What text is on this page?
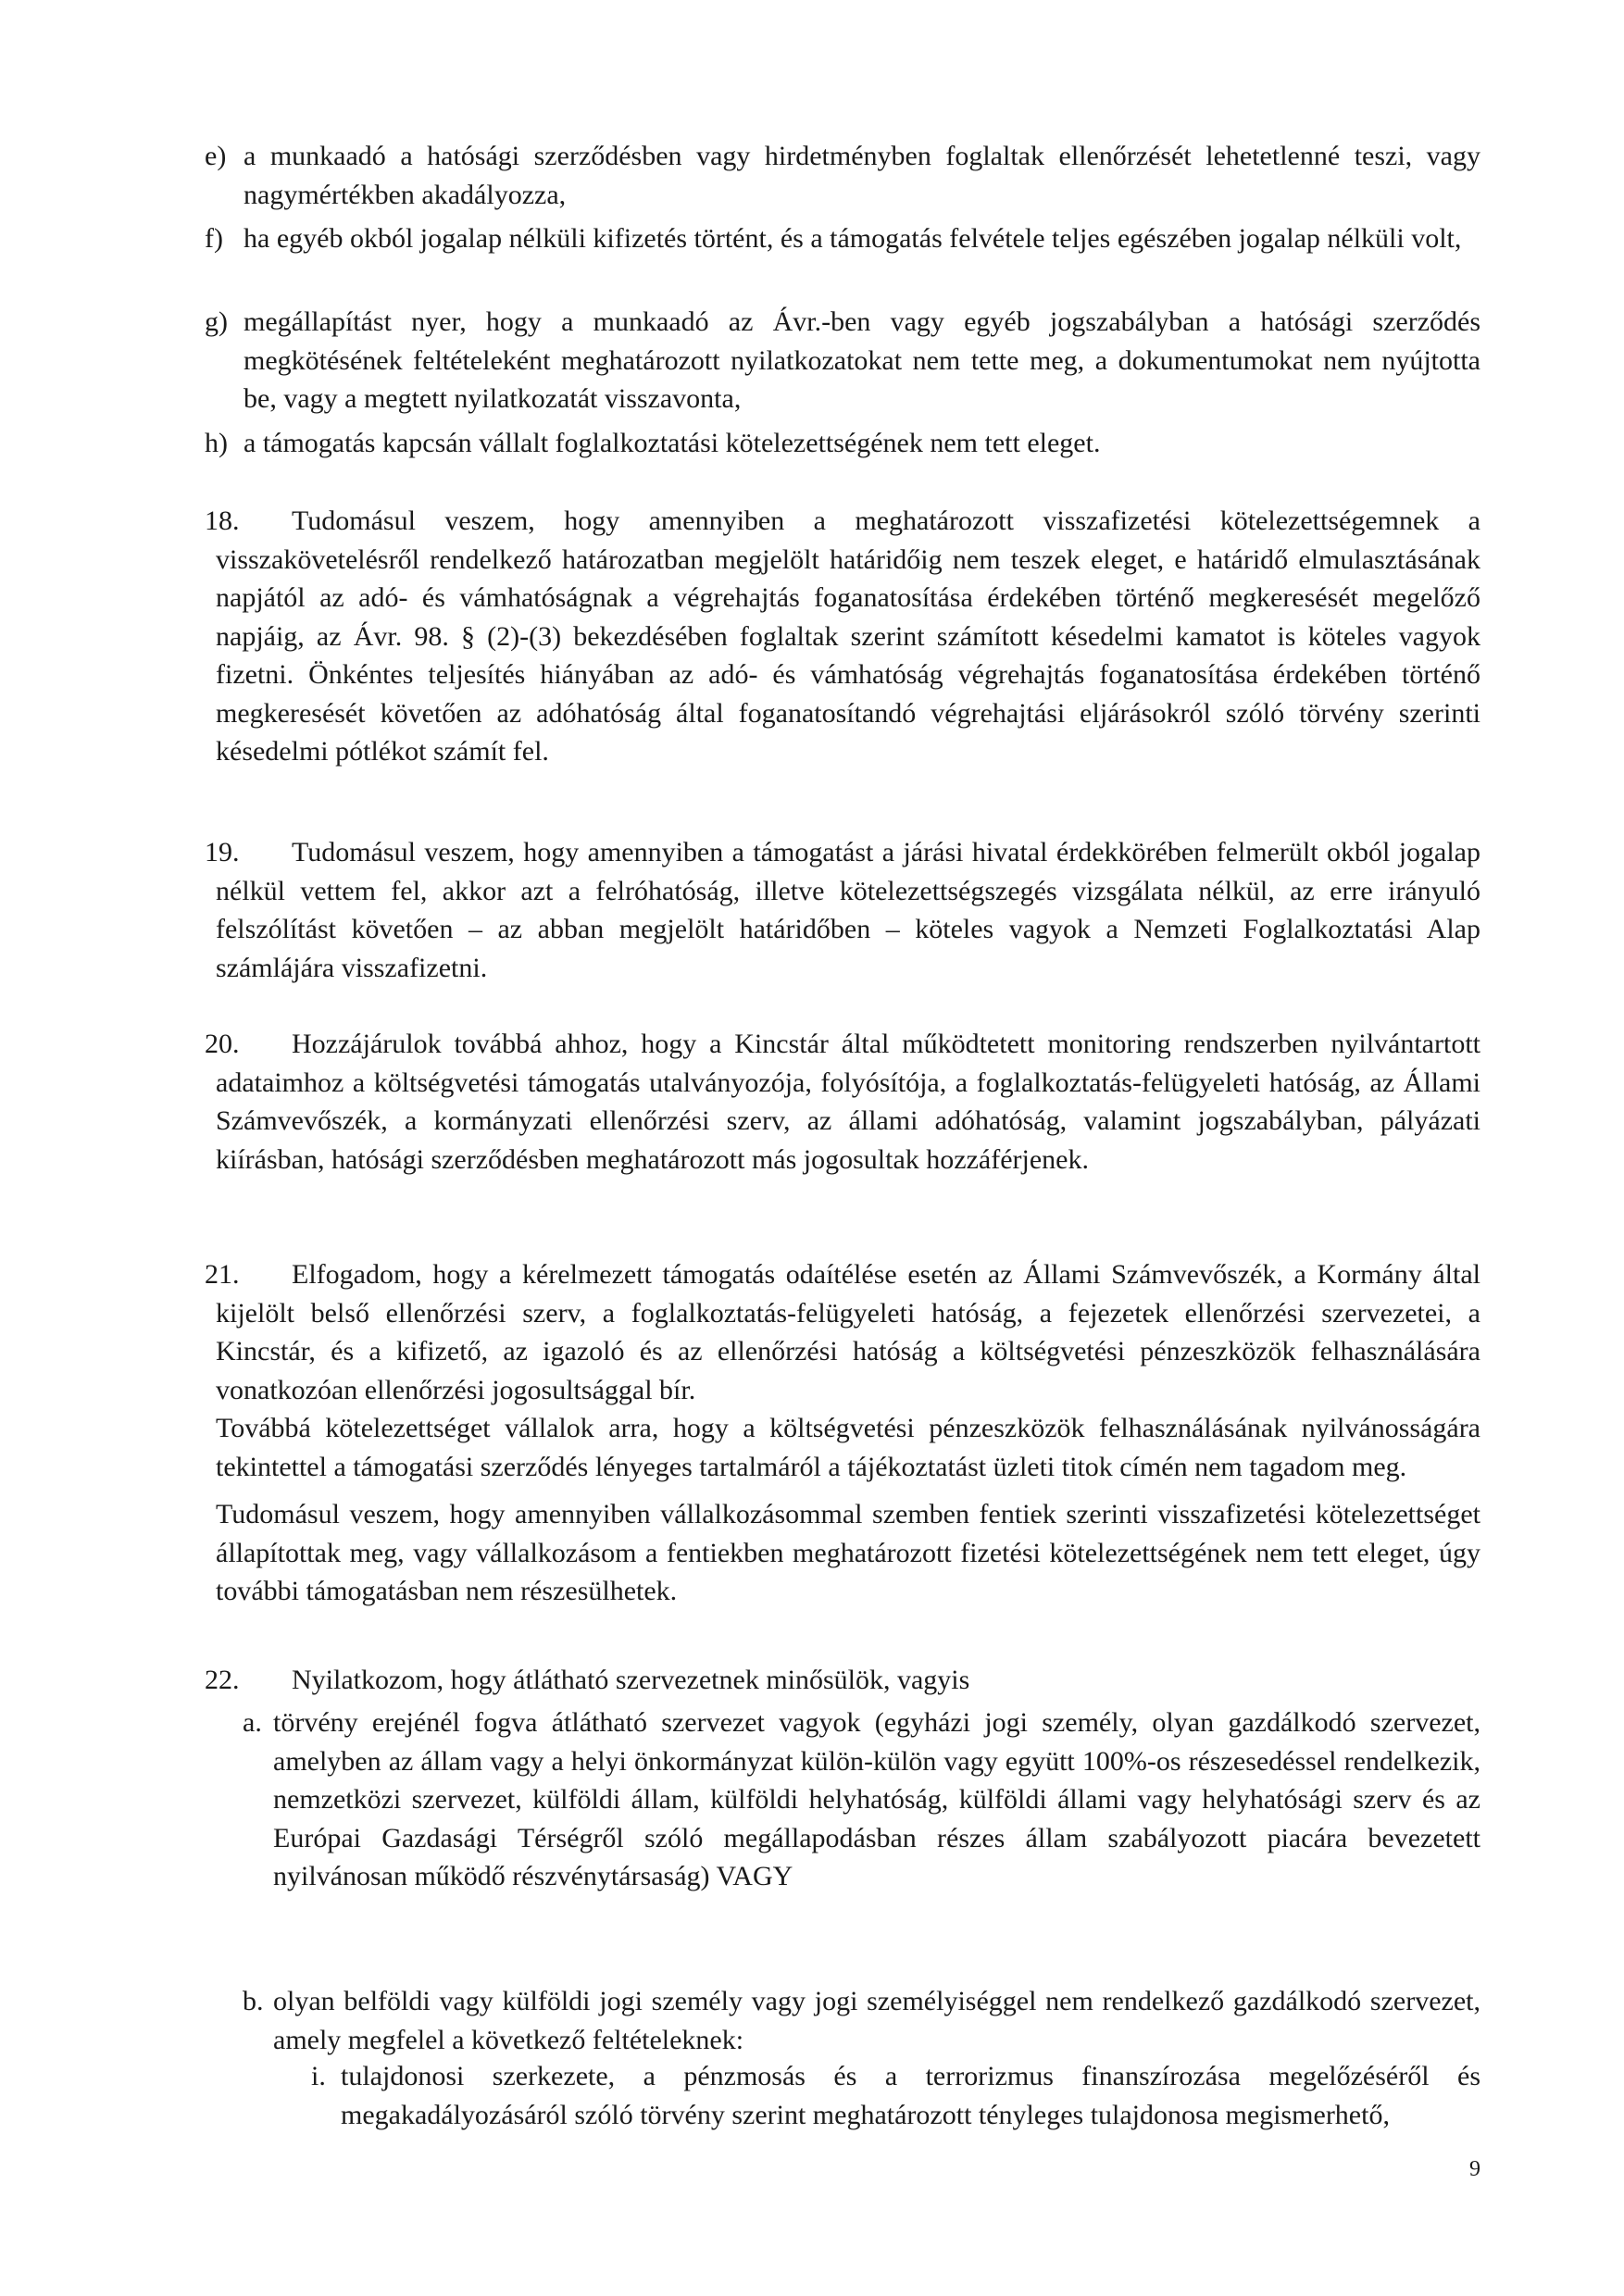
e) a munkaadó a hatósági szerződésben vagy hirdetményben foglaltak ellenőrzését lehetetlenné teszi, vagy nagymértékben akadályozza,

f) ha egyéb okból jogalap nélküli kifizetés történt, és a támogatás felvétele teljes egészében jogalap nélküli volt,

g) megállapítást nyer, hogy a munkaadó az Ávr.-ben vagy egyéb jogszabályban a hatósági szerződés megkötésének feltételeként meghatározott nyilatkozatokat nem tette meg, a dokumentumokat nem nyújtotta be, vagy a megtett nyilatkozatát visszavonta,

h) a támogatás kapcsán vállalt foglalkoztatási kötelezettségének nem tett eleget.

18.	Tudomásul veszem, hogy amennyiben a meghatározott visszafizetési kötelezettségemnek a visszakövetelésről rendelkező határozatban megjelölt határidőig nem teszek eleget, e határidő elmulasztásának napjától az adó- és vámhatóságnak a végrehajtás foganatosítása érdekében történő megkeresését megelőző napjáig, az Ávr. 98. § (2)-(3) bekezdésében foglaltak szerint számított késedelmi kamatot is köteles vagyok fizetni. Önkéntes teljesítés hiányában az adó- és vámhatóság végrehajtás foganatosítása érdekében történő megkeresését követően az adóhatóság által foganatosítandó végrehajtási eljárásokról szóló törvény szerinti késedelmi pótlékot számít fel.

19.	Tudomásul veszem, hogy amennyiben a támogatást a járási hivatal érdekkörében felmerült okból jogalap nélkül vettem fel, akkor azt a felróhatóság, illetve kötelezettségszegés vizsgálata nélkül, az erre irányuló felszólítást követően – az abban megjelölt határidőben – köteles vagyok a Nemzeti Foglalkoztatási Alap számlájára visszafizetni.

20.	Hozzájárulok továbbá ahhoz, hogy a Kincstár által működtetett monitoring rendszerben nyilvántartott adataimhoz a költségvetési támogatás utalványozója, folyósítója, a foglalkoztatás-felügyeleti hatóság, az Állami Számvevőszék, a kormányzati ellenőrzési szerv, az állami adóhatóság, valamint jogszabályban, pályázati kiírásban, hatósági szerződésben meghatározott más jogosultak hozzáférjenek.

21.	Elfogadom, hogy a kérelmezett támogatás odaítélése esetén az Állami Számvevőszék, a Kormány által kijelölt belső ellenőrzési szerv, a foglalkoztatás-felügyeleti hatóság, a fejezetek ellenőrzési szervezetei, a Kincstár, és a kifizető, az igazoló és az ellenőrzési hatóság a költségvetési pénzeszközök felhasználására vonatkozóan ellenőrzési jogosultsággal bír.

Továbbá kötelezettséget vállalok arra, hogy a költségvetési pénzeszközök felhasználásának nyilvánosságára tekintettel a támogatási szerződés lényeges tartalmáról a tájékoztatást üzleti titok címén nem tagadom meg.

Tudomásul veszem, hogy amennyiben vállalkozásommal szemben fentiek szerinti visszafizetési kötelezettséget állapítottak meg, vagy vállalkozásom a fentiekben meghatározott fizetési kötelezettségének nem tett eleget, úgy további támogatásban nem részesülhetek.

22.	Nyilatkozom, hogy átlátható szervezetnek minősülök, vagyis

a. törvény erejénél fogva átlátható szervezet vagyok (egyházi jogi személy, olyan gazdálkodó szervezet, amelyben az állam vagy a helyi önkormányzat külön-külön vagy együtt 100%-os részesedéssel rendelkezik, nemzetközi szervezet, külföldi állam, külföldi helyhatóság, külföldi állami vagy helyhatósági szerv és az Európai Gazdasági Térségről szóló megállapodásban részes állam szabályozott piacára bevezetett nyilvánosan működő részvénytársaság) VAGY

b. olyan belföldi vagy külföldi jogi személy vagy jogi személyiséggel nem rendelkező gazdálkodó szervezet, amely megfelel a következő feltételeknek:

i. tulajdonosi szerkezete, a pénzmosás és a terrorizmus finanszírozása megelőzéséről és megakadályozásáról szóló törvény szerint meghatározott tényleges tulajdonosa megismerhető,

9
